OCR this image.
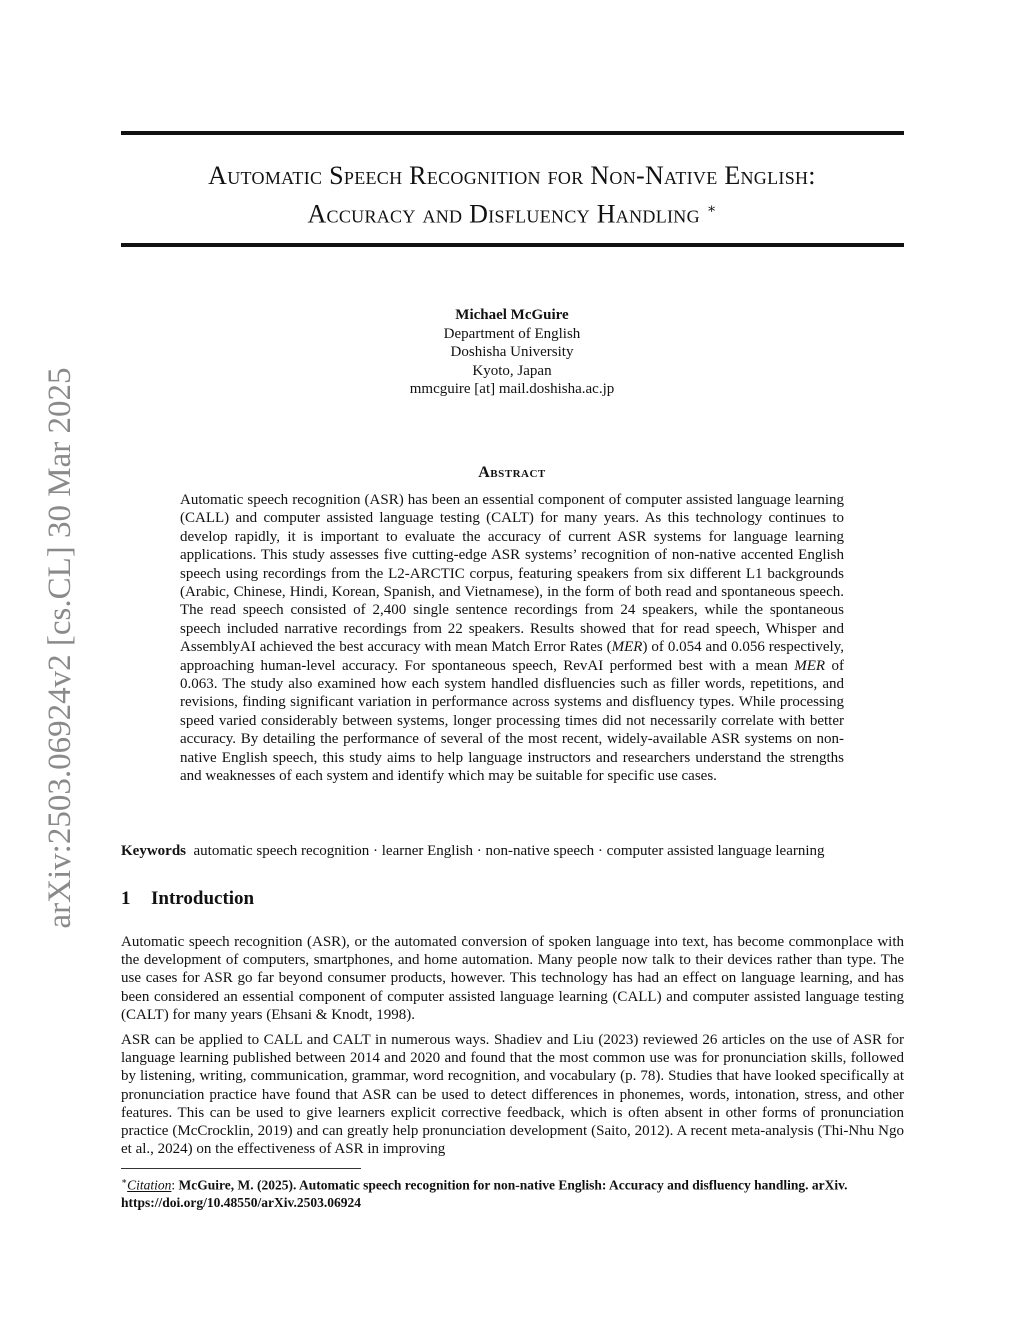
arXiv:2503.06924v2 [cs.CL] 30 Mar 2025
Automatic Speech Recognition for Non-Native English:
Accuracy and Disfluency Handling ∗
Michael McGuire
Department of English
Doshisha University
Kyoto, Japan
mmcguire [at] mail.doshisha.ac.jp
Abstract

Automatic speech recognition (ASR) has been an essential component of computer assisted language learning (CALL) and computer assisted language testing (CALT) for many years. As this technology continues to develop rapidly, it is important to evaluate the accuracy of current ASR systems for language learning applications. This study assesses five cutting-edge ASR systems’ recognition of non-native accented English speech using recordings from the L2-ARCTIC corpus, featuring speakers from six different L1 backgrounds (Arabic, Chinese, Hindi, Korean, Spanish, and Vietnamese), in the form of both read and spontaneous speech. The read speech consisted of 2,400 single sentence recordings from 24 speakers, while the spontaneous speech included narrative recordings from 22 speakers. Results showed that for read speech, Whisper and AssemblyAI achieved the best accuracy with mean Match Error Rates (MER) of 0.054 and 0.056 respectively, approaching human-level accuracy. For spontaneous speech, RevAI performed best with a mean MER of 0.063. The study also examined how each system handled disfluencies such as filler words, repetitions, and revisions, finding significant variation in performance across systems and disfluency types. While processing speed varied considerably between systems, longer processing times did not necessarily correlate with better accuracy. By detailing the performance of several of the most recent, widely-available ASR systems on non-native English speech, this study aims to help language instructors and researchers understand the strengths and weaknesses of each system and identify which may be suitable for specific use cases.

Keywords automatic speech recognition · learner English · non-native speech · computer assisted language learning
1 Introduction

Automatic speech recognition (ASR), or the automated conversion of spoken language into text, has become commonplace with the development of computers, smartphones, and home automation. Many people now talk to their devices rather than type. The use cases for ASR go far beyond consumer products, however. This technology has had an effect on language learning, and has been considered an essential component of computer assisted language learning (CALL) and computer assisted language testing (CALT) for many years (Ehsani & Knodt, 1998).

ASR can be applied to CALL and CALT in numerous ways. Shadiev and Liu (2023) reviewed 26 articles on the use of ASR for language learning published between 2014 and 2020 and found that the most common use was for pronunciation skills, followed by listening, writing, communication, grammar, word recognition, and vocabulary (p. 78). Studies that have looked specifically at pronunciation practice have found that ASR can be used to detect differences in phonemes, words, intonation, stress, and other features. This can be used to give learners explicit corrective feedback, which is often absent in other forms of pronunciation practice (McCrocklin, 2019) and can greatly help pronunciation development (Saito, 2012). A recent meta-analysis (Thi-Nhu Ngo et al., 2024) on the effectiveness of ASR in improving

∗Citation: McGuire, M. (2025). Automatic speech recognition for non-native English: Accuracy and disfluency handling. arXiv. https://doi.org/10.48550/arXiv.2503.06924
